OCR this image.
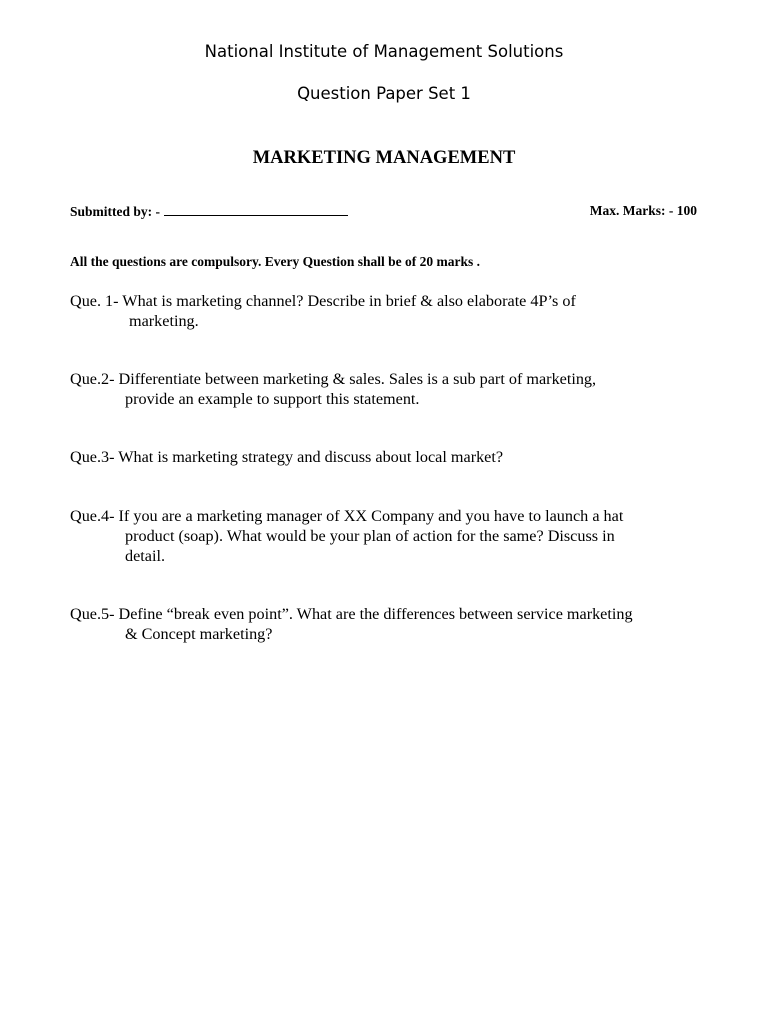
National Institute of Management Solutions
Question Paper Set 1
MARKETING MANAGEMENT
Submitted by: -	Max. Marks: - 100
All the questions are compulsory. Every Question shall be of 20 marks .
Que. 1- What is marketing channel? Describe in brief & also elaborate 4P’s of
marketing.
Que.2- Differentiate between marketing & sales. Sales is a sub part of marketing,
provide an example to support this statement.
Que.3- What is marketing strategy and discuss about local market?
Que.4- If you are a marketing manager of XX Company and you have to launch a hat
product (soap). What would be your plan of action for the same? Discuss in
detail.
Que.5- Define “break even point”. What are the differences between service marketing
& Concept marketing?
